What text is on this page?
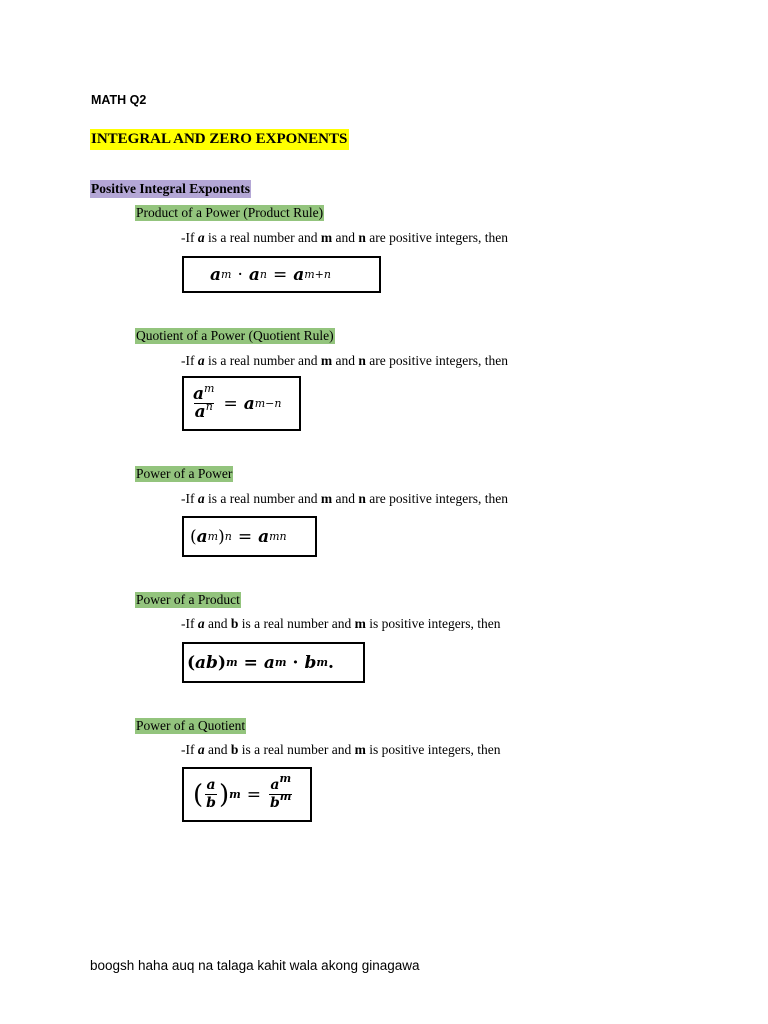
MATH Q2
INTEGRAL AND ZERO EXPONENTS
Positive Integral Exponents
Product of a Power (Product Rule)
-If a is a real number and m and n are positive integers, then
a m · a n = a m+n
Quotient of a Power (Quotient Rule)
-If a is a real number and m and n are positive integers, then
$\frac{a^m}{a^n} = a$ m−n
Power of a Power
-If a is a real number and m and n are positive integers, then
( a m ) n = a mn
Power of a Product
-If a and b is a real number and m is positive integers, then
( ab ) m = a m · b m .
Power of a Quotient
-If a and b is a real number and m is positive integers, then
( $\frac{a}{b}$ ) $m = \frac{a^m}{b^m}$
boogsh haha auq na talaga kahit wala akong ginagawa
